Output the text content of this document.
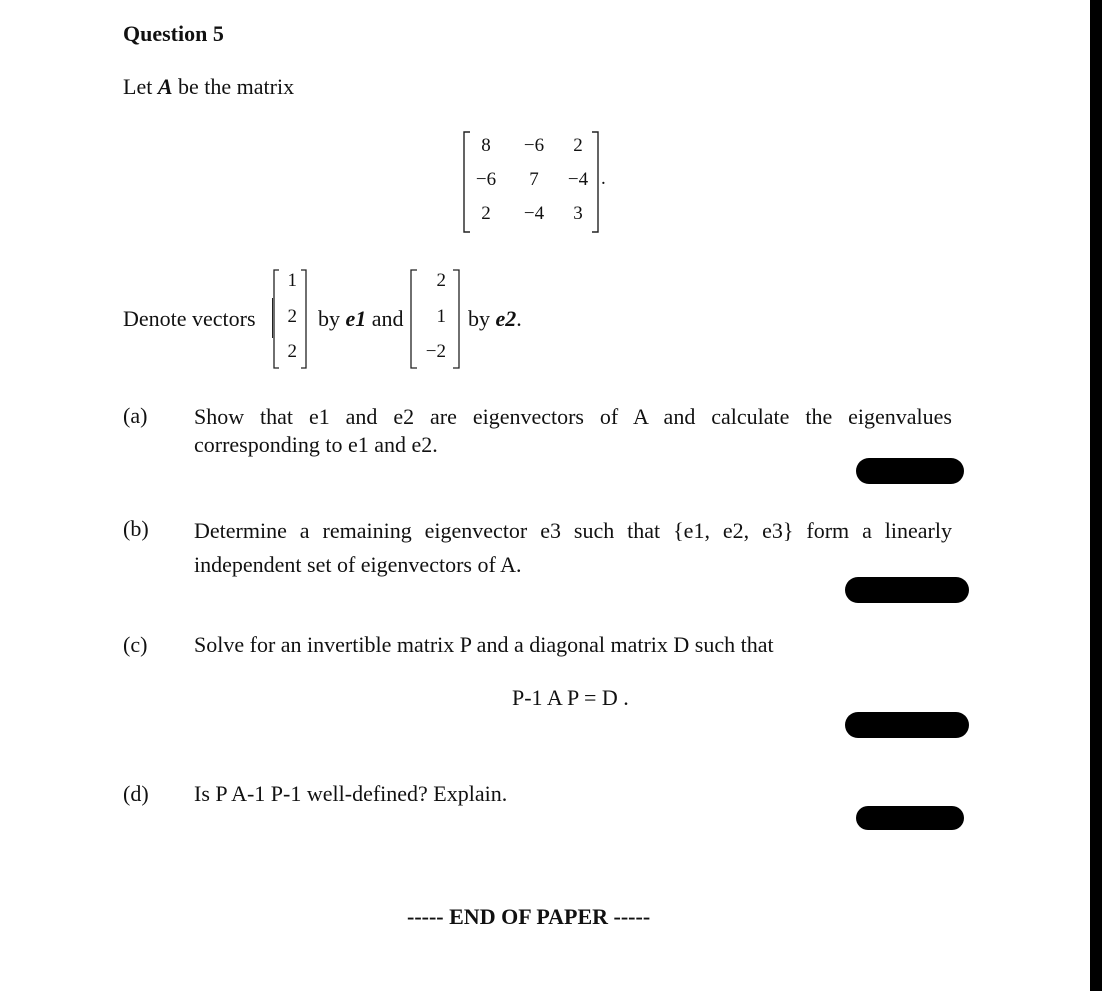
Question 5
Let A be the matrix
8	−6	2
−6	7	−4
2	−4	3
.
Denote vectors
1
2
2
by e1 and
2
1
−2
by e2.
(a) Show that e1 and e2 are eigenvectors of A and calculate the eigenvalues corresponding to e1 and e2.
(b) Determine a remaining eigenvector e3 such that {e1, e2, e3} form a linearly independent set of eigenvectors of A.
(c) Solve for an invertible matrix P and a diagonal matrix D such that
P-1 A P = D .
(d) Is P A-1 P-1 well-defined? Explain.
----- END OF PAPER -----
